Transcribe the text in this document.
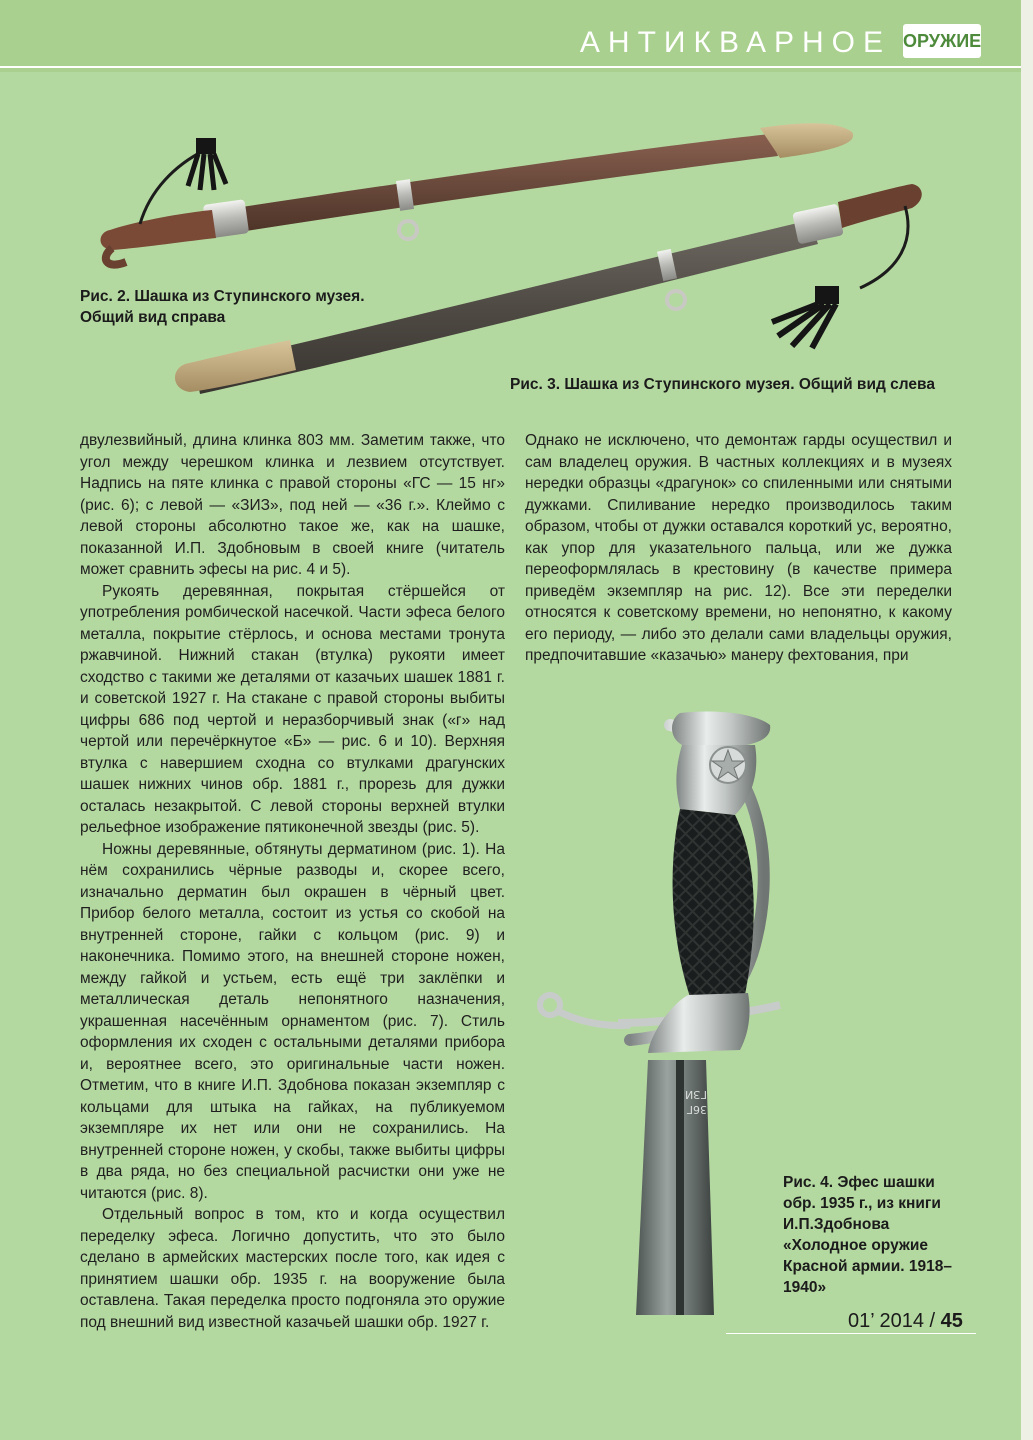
АНТИКВАРНОЕ ОРУЖИЕ
Рис. 2. Шашка из Ступинского музея. Общий вид справа
Рис. 3. Шашка из Ступинского музея. Общий вид слева

двулезвийный, длина клинка 803 мм. Заметим также, что угол между черешком клинка и лезвием отсутствует. Надпись на пяте клинка с правой стороны «ГС — 15 нг» (рис. 6); с левой — «ЗИЗ», под ней — «36 г.». Клеймо с левой стороны абсолютно такое же, как на шашке, показанной И.П. Здобновым в своей книге (читатель может сравнить эфесы на рис. 4 и 5).

Рукоять деревянная, покрытая стёршейся от употребления ромбической насечкой. Части эфеса белого металла, покрытие стёрлось, и основа местами тронута ржавчиной. Нижний стакан (втулка) рукояти имеет сходство с такими же деталями от казачьих шашек 1881 г. и советской 1927 г. На стакане с правой стороны выбиты цифры 686 под чертой и неразборчивый знак («г» над чертой или перечёркнутое «Б» — рис. 6 и 10). Верхняя втулка с навершием сходна со втулками драгунских шашек нижних чинов обр. 1881 г., прорезь для дужки осталась незакрытой. С левой стороны верхней втулки рельефное изображение пятиконечной звезды (рис. 5).

Ножны деревянные, обтянуты дерматином (рис. 1). На нём сохранились чёрные разводы и, скорее всего, изначально дерматин был окрашен в чёрный цвет. Прибор белого металла, состоит из устья со скобой на внутренней стороне, гайки с кольцом (рис. 9) и наконечника. Помимо этого, на внешней стороне ножен, между гайкой и устьем, есть ещё три заклёпки и металлическая деталь непонятного назначения, украшенная насечённым орнаментом (рис. 7). Стиль оформления их сходен с остальными деталями прибора и, вероятнее всего, это оригинальные части ножен. Отметим, что в книге И.П. Здобнова показан экземпляр с кольцами для штыка на гайках, на публикуемом экземпляре их нет или они не сохранились. На внутренней стороне ножен, у скобы, также выбиты цифры в два ряда, но без специальной расчистки они уже не читаются (рис. 8).

Отдельный вопрос в том, кто и когда осуществил переделку эфеса. Логично допустить, что это было сделано в армейских мастерских после того, как идея с принятием шашки обр. 1935 г. на вооружение была оставлена. Такая переделка просто подгоняла это оружие под внешний вид известной казачьей шашки обр. 1927 г.

Однако не исключено, что демонтаж гарды осуществил и сам владелец оружия. В частных коллекциях и в музеях нередки образцы «драгунок» со спиленными или снятыми дужками. Спиливание нередко производилось таким образом, чтобы от дужки оставался короткий ус, вероятно, как упор для указательного пальца, или же дужка переоформлялась в крестовину (в качестве примера приведём экземпляр на рис. 12). Все эти переделки относятся к советскому времени, но непонятно, к какому его периоду, — либо это делали сами владельцы оружия, предпочитавшие «казачью» манеру фехтования, при

36Г
ГЗИ
Рис. 4. Эфес шашки обр. 1935 г., из книги И.П.Здобнова «Холодное оружие Красной армии. 1918–1940»
01’ 2014 / 45
